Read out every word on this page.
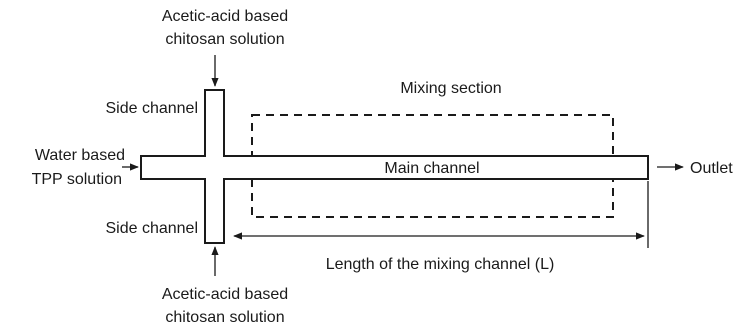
Acetic-acid based
chitosan solution
Side channel
Mixing section
Water based
TPP solution
Main channel	Outlet
Side channel
Length of the mixing channel (L)
Acetic-acid based
chitosan solution
